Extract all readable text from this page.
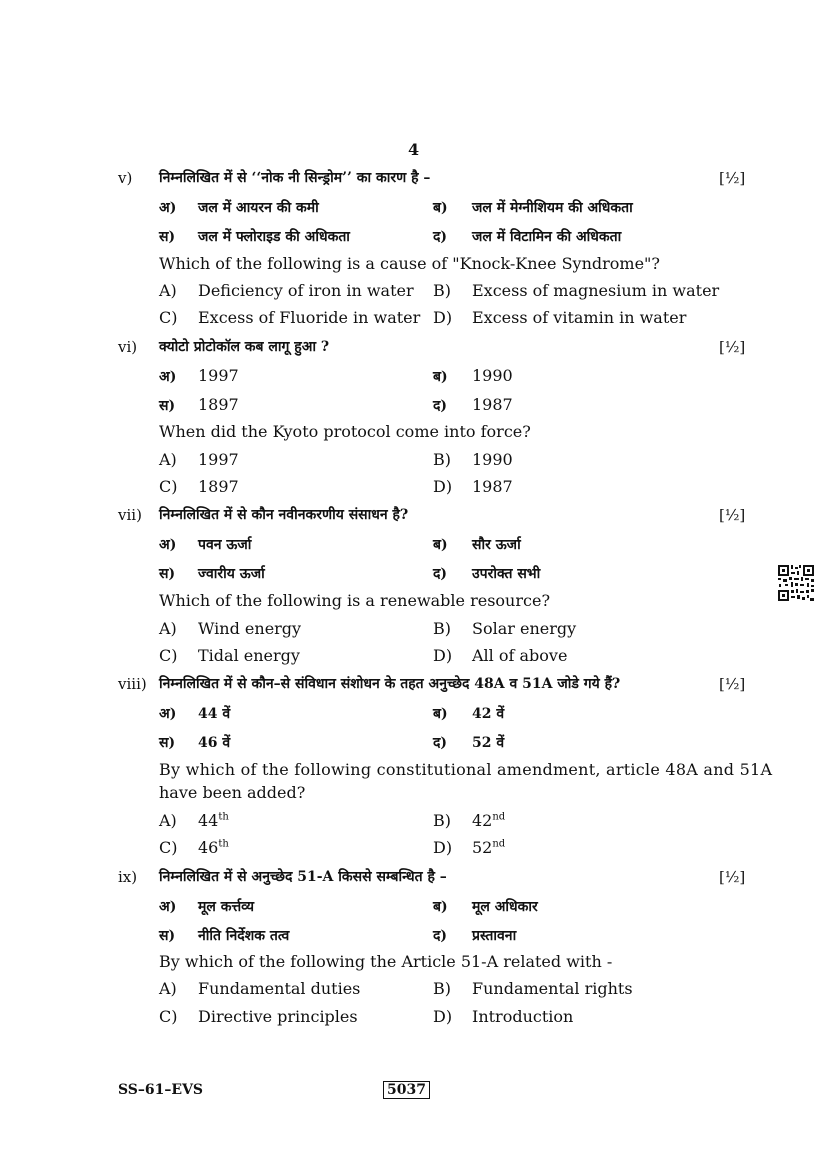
4
v) निम्नलिखित में से ‘‘नोक नी सिन्ड्रोम’’ का कारण है –	[½]
अ) जल में आयरन की कमी	ब) जल में मेग्नीशियम की अधिकता
स) जल में फ्लोराइड की अधिकता	द) जल में विटामिन की अधिकता
Which of the following is a cause of "Knock-Knee Syndrome"?
A) Deficiency of iron in water B) Excess of magnesium in water
C) Excess of Fluoride in water D) Excess of vitamin in water
vi) क्योटो प्रोटोकॉल कब लागू हुआ ?	[½]
अ) 1997	ब) 1990
स) 1897	द) 1987
When did the Kyoto protocol come into force?
A) 1997	B) 1990
C) 1897	D) 1987
vii) निम्नलिखित में से कौन नवीनकरणीय संसाधन है?	[½]
अ) पवन ऊर्जा	ब) सौर ऊर्जा
स) ज्वारीय ऊर्जा	द) उपरोक्त सभी
Which of the following is a renewable resource?
A) Wind energy	B) Solar energy
C) Tidal energy	D) All of above
viii) निम्नलिखित में से कौन–से संविधान संशोधन के तहत अनुच्छेद 48A व 51A जोडे गये हैं?	[½]
अ) 44 वें	ब) 42 वें
स) 46 वें	द) 52 वें
By which of the following constitutional amendment, article 48A and 51A
have been added?
A) 44th	B) 42nd
C) 46th	D) 52nd
ix) निम्नलिखित में से अनुच्छेद 51-A किससे सम्बन्धित है –	[½]
अ) मूल कर्त्तव्य	ब) मूल अधिकार
स) नीति निर्देशक तत्व	द) प्रस्तावना
By which of the following the Article 51-A related with -
A) Fundamental duties	B) Fundamental rights
C) Directive principles	D) Introduction
SS–61–EVS	5037
